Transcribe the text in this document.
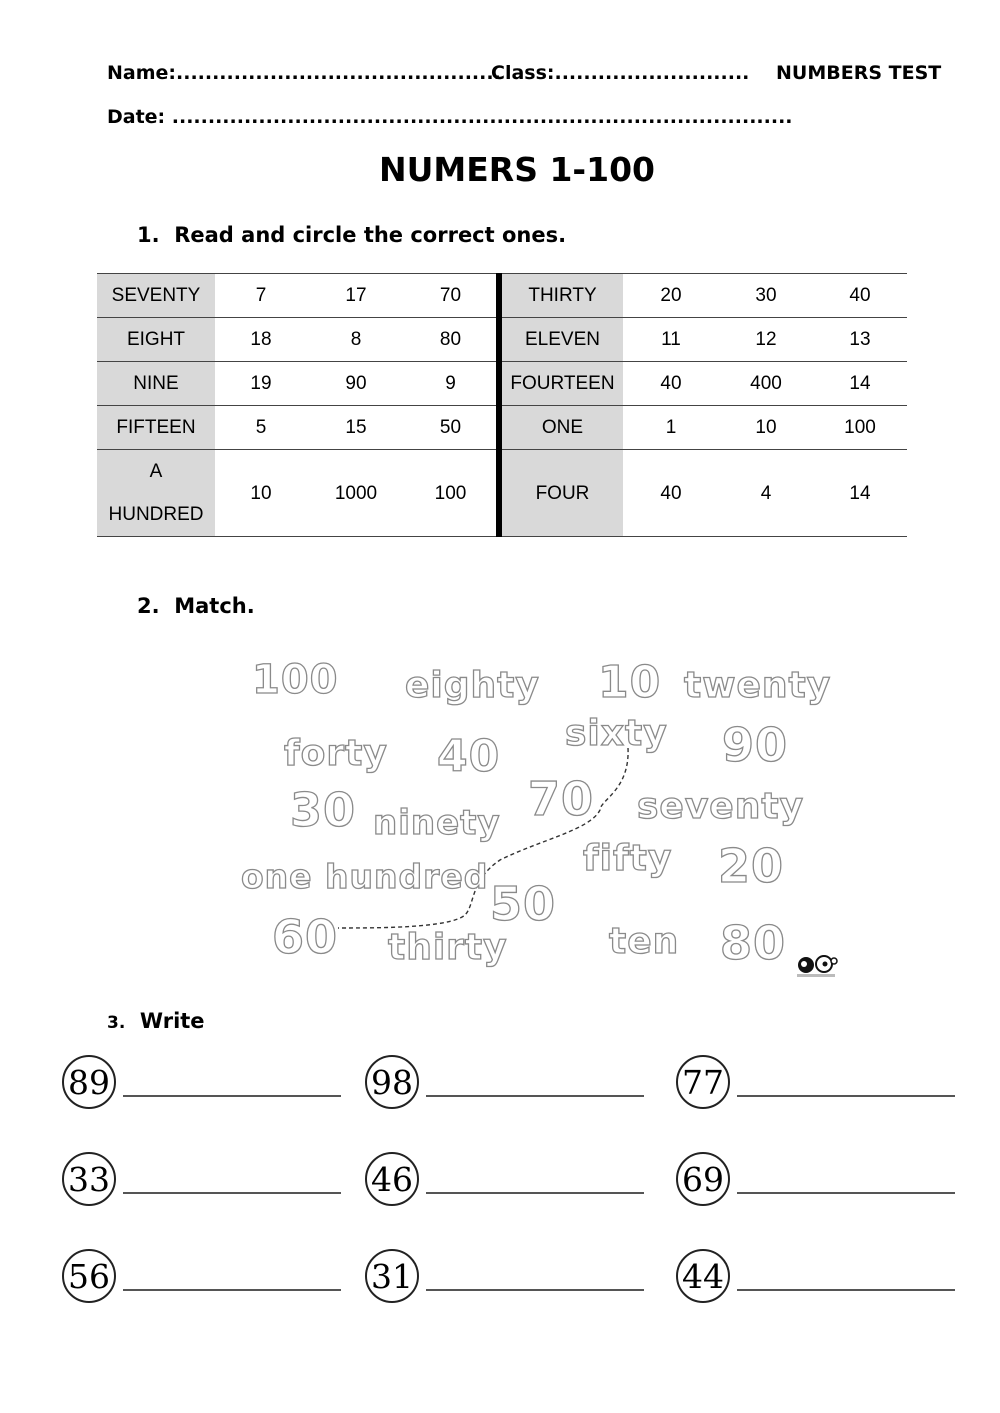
Name:.............................................
Class:........................... NUMBERS TEST
Date: ......................................................................................
NUMERS 1-100
1. Read and circle the correct ones.
SEVENTY	7	17	70	THIRTY	20	30	40
EIGHT	18	8	80	ELEVEN	11	12	13
NINE	19	90	9	FOURTEEN	40	400	14
FIFTEEN	5	15	50	ONE	1	10	100
A
HUNDRED	10	1000	100	FOUR	40	4	14
2. Match.
100 eighty 10 twenty
forty 40 sixty 90
30 ninety 70 seventy
one hundred	fifty 20
50
60 thirty	ten 80
3. Write
89	98	77
33	46	69
56	31	44
